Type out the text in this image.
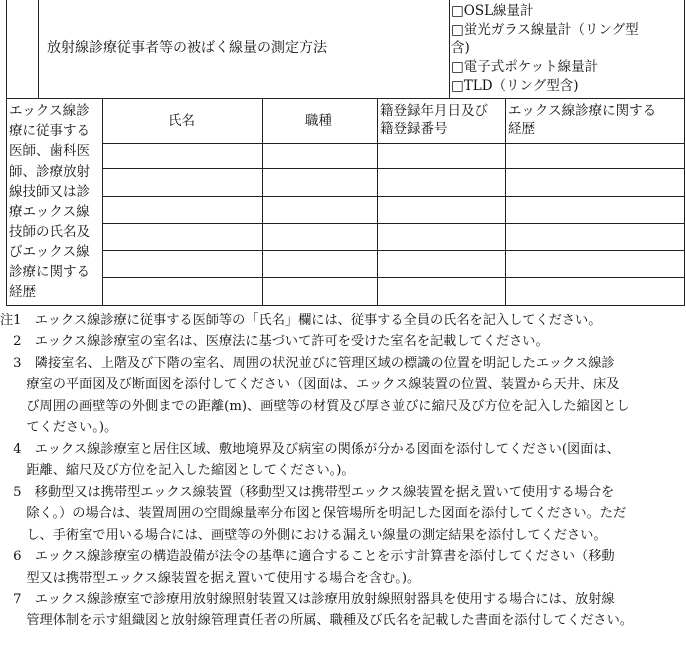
放射線診療従事者等の被ばく線量の測定方法
□OSL線量計
□蛍光ガラス線量計（リング型
含)
□電子式ポケット線量計
□TLD（リング型含)
エックス線診
療に従事する
医師、歯科医
師、診療放射
線技師又は診
療エックス線
技師の氏名及
びエックス線
診療に関する
経歴
氏名	職種
籍登録年月日及び
籍登録番号
エックス線診療に関する
経歴
注1　エックス線診療に従事する医師等の「氏名」欄には、従事する全員の氏名を記入してください。
　2　エックス線診療室の室名は、医療法に基づいて許可を受けた室名を記載してください。
　3　隣接室名、上階及び下階の室名、周囲の状況並びに管理区域の標識の位置を明記したエックス線診
　　療室の平面図及び断面図を添付してください（図面は、エックス線装置の位置、装置から天井、床及
　　び周囲の画壁等の外側までの距離(m)、画壁等の材質及び厚さ並びに縮尺及び方位を記入した縮図とし
　　てください。)。
　4　エックス線診療室と居住区域、敷地境界及び病室の関係が分かる図面を添付してください(図面は、
　　距離、縮尺及び方位を記入した縮図としてください。)。
　5　移動型又は携帯型エックス線装置（移動型又は携帯型エックス線装置を据え置いて使用する場合を
　　除く。）の場合は、装置周囲の空間線量率分布図と保管場所を明記した図面を添付してください。ただ
　　し、手術室で用いる場合には、画壁等の外側における漏えい線量の測定結果を添付してください。
　6　エックス線診療室の構造設備が法令の基準に適合することを示す計算書を添付してください（移動
　　型又は携帯型エックス線装置を据え置いて使用する場合を含む。)。
　7　エックス線診療室で診療用放射線照射装置又は診療用放射線照射器具を使用する場合には、放射線
　　管理体制を示す組織図と放射線管理責任者の所属、職種及び氏名を記載した書面を添付してください。
